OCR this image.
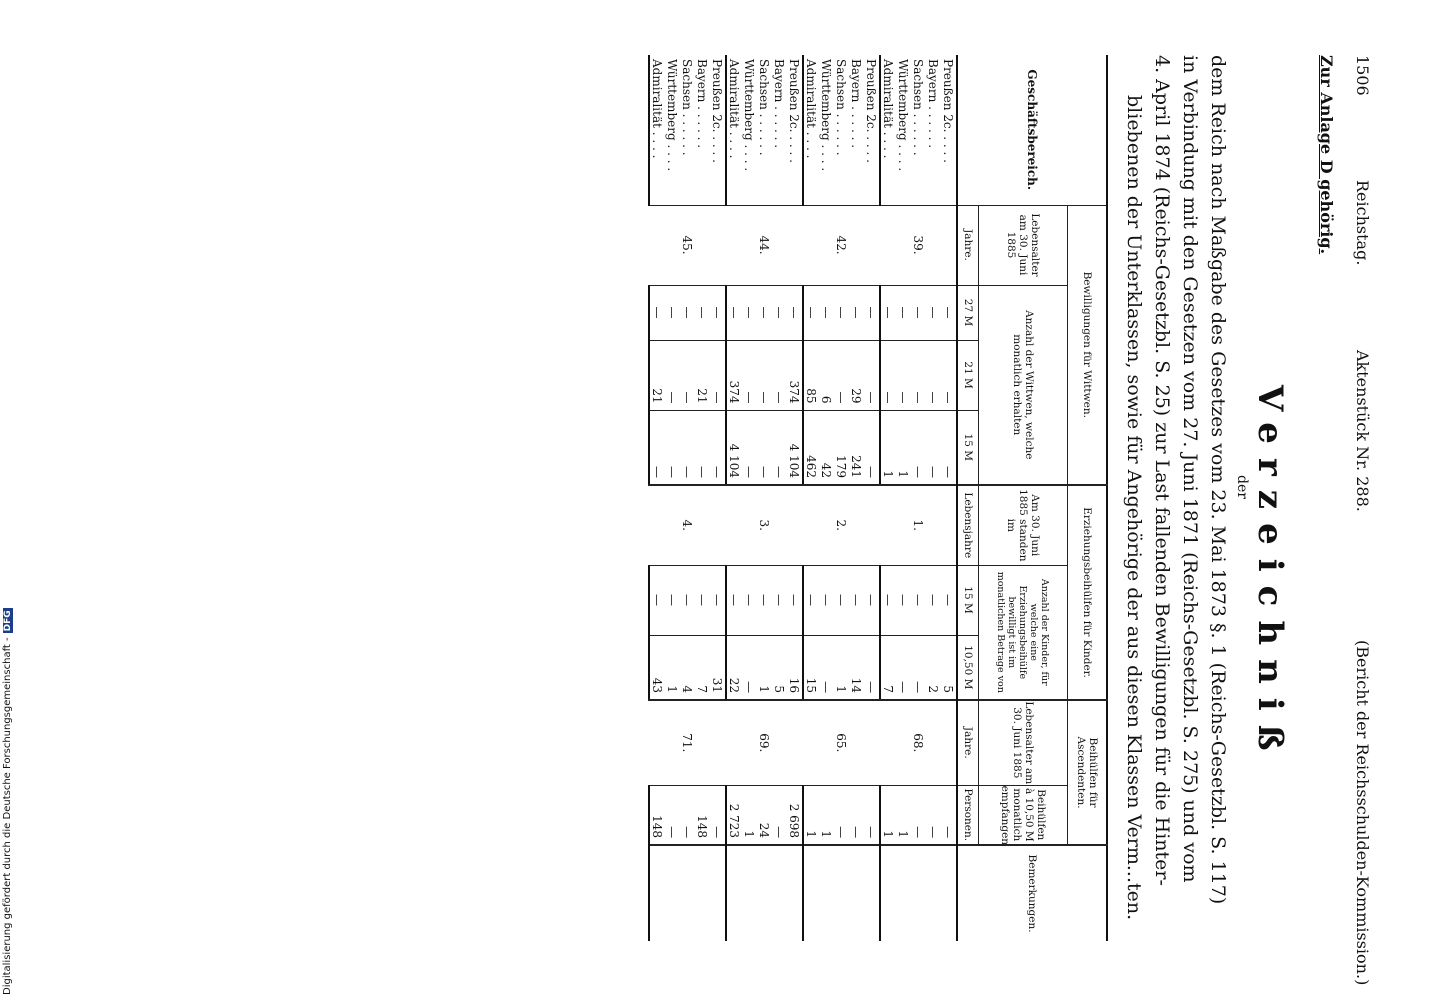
1506
Reichstag.
Aktenstück Nr. 288.
(Bericht der Reichsschulden-Kommission.)
Zur Anlage D gehörig.
Verzeichniß
der
dem Reich nach Maßgabe des Gesetzes vom 23. Mai 1873 §. 1 (Reichs-Gesetzbl. S. 117)
in Verbindung mit den Gesetzen vom 27. Juni 1871 (Reichs-Gesetzbl. S. 275) und vom
4. April 1874 (Reichs-Gesetzbl. S. 25) zur Last fallenden Bewilligungen für die Hinter-
bliebenen der Unterklassen, sowie für Angehörige der aus diesen Klassen Verm...ten.
Geschäftsbereich.	Bewilligungen für Wittwen.				Erziehungsbeihülfen für Kinder.			Beihülfen für Ascendenten.		Bemerkungen.
	Lebensalter am 30. Juni 1885	Anzahl der Wittwen, welche monatlich erhalten			Am 30. Juni 1885 standen im	Anzahl der Kinder, für welche eine Erziehungsbeihülfe bewilligt ist im monatlichen Betrage von		Lebensalter am 30. Juni 1885	Beihülfen à 10,50 M monatlich empfangen	
	Jahre.	27 M	21 M	15 M	Lebensjahre	15 M	10,50 M	Jahre.	Personen.	
Preußen 2c. . . . .	39.	—	—	—	1.	—	5	68.	—	
Bayern . . . . . .		—	—	—		—	2		—	
Sachsen . . . . . .		—	—	—		—	—		—	
Württemberg . . . .		—	—	1		—	—		1	
Admiralität . . . .		—	—	1		—	7		1	
Preußen 2c. . . . .	42.	—	—	—	2.	—	—	65.	—	
Bayern . . . . . .		—	29	241		—	14		—	
Sachsen . . . . . .		—	—	179		—	1		—	
Württemberg . . . .		—	6	42		—	—		1	
Admiralität . . . .		—	85	462		—	15		1	
Preußen 2c. . . . .	44.	—	374	4 104	3.	—	16	69.	2 698	
Bayern . . . . . .		—	—	—		—	5		—	
Sachsen . . . . . .		—	—	—		—	1		24	
Württemberg . . . .		—	—	—		—	—		1	
Admiralität . . . .		—	374	4 104		—	22		2 723	
Preußen 2c. . . . .	45.	—	—	—	4.	—	31	71.	—	
Bayern . . . . . .		—	21	—		—	7		148	
Sachsen . . . . . .		—	—	—		—	4		—	
Württemberg . . . .		—	—	—		—	1		—	
Admiralität . . . .		—	21	—		—	43		148	
Digitalisierung gefördert durch die Deutsche Forschungsgemeinschaft -DFG
